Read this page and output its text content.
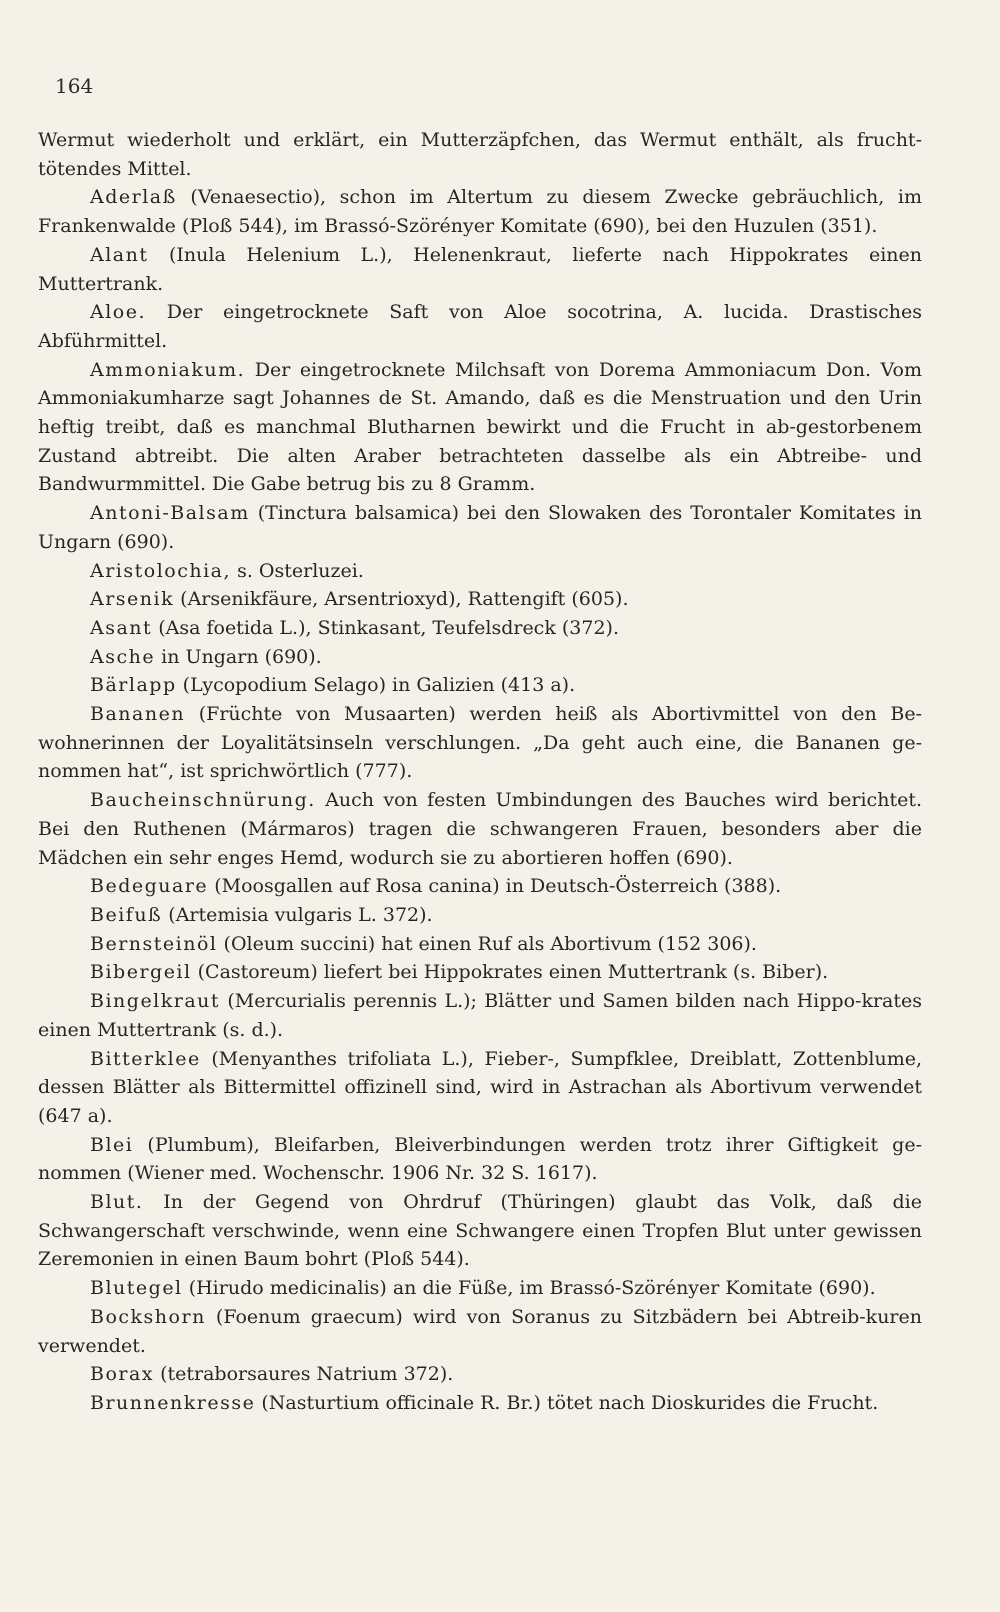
164

Wermut wiederholt und erklärt, ein Mutterzäpfchen, das Wermut enthält, als frucht-tötendes Mittel.

Aderlaß (Venaesectio), schon im Altertum zu diesem Zwecke gebräuchlich, im Frankenwalde (Ploß 544), im Brassó-Szörényer Komitate (690), bei den Huzulen (351).

Alant (Inula Helenium L.), Helenenkraut, lieferte nach Hippokrates einen Muttertrank.

Aloe. Der eingetrocknete Saft von Aloe socotrina, A. lucida. Drastisches Abführmittel.

Ammoniakum. Der eingetrocknete Milchsaft von Dorema Ammoniacum Don. Vom Ammoniakumharze sagt Johannes de St. Amando, daß es die Menstruation und den Urin heftig treibt, daß es manchmal Blutharnen bewirkt und die Frucht in ab-gestorbenem Zustand abtreibt. Die alten Araber betrachteten dasselbe als ein Abtreibe- und Bandwurmmittel. Die Gabe betrug bis zu 8 Gramm.

Antoni-Balsam (Tinctura balsamica) bei den Slowaken des Torontaler Komitates in Ungarn (690).

Aristolochia, s. Osterluzei.

Arsenik (Arsenikfäure, Arsentrioxyd), Rattengift (605).

Asant (Asa foetida L.), Stinkasant, Teufelsdreck (372).

Asche in Ungarn (690).

Bärlapp (Lycopodium Selago) in Galizien (413 a).

Bananen (Früchte von Musaarten) werden heiß als Abortivmittel von den Be-wohnerinnen der Loyalitätsinseln verschlungen. „Da geht auch eine, die Bananen ge-nommen hat“, ist sprichwörtlich (777).

Baucheinschnürung. Auch von festen Umbindungen des Bauches wird berichtet. Bei den Ruthenen (Mármaros) tragen die schwangeren Frauen, besonders aber die Mädchen ein sehr enges Hemd, wodurch sie zu abortieren hoffen (690).

Bedeguare (Moosgallen auf Rosa canina) in Deutsch-Österreich (388).

Beifuß (Artemisia vulgaris L. 372).

Bernsteinöl (Oleum succini) hat einen Ruf als Abortivum (152 306).

Bibergeil (Castoreum) liefert bei Hippokrates einen Muttertrank (s. Biber).

Bingelkraut (Mercurialis perennis L.); Blätter und Samen bilden nach Hippo-krates einen Muttertrank (s. d.).

Bitterklee (Menyanthes trifoliata L.), Fieber-, Sumpfklee, Dreiblatt, Zottenblume, dessen Blätter als Bittermittel offizinell sind, wird in Astrachan als Abortivum verwendet (647 a).

Blei (Plumbum), Bleifarben, Bleiverbindungen werden trotz ihrer Giftigkeit ge-nommen (Wiener med. Wochenschr. 1906 Nr. 32 S. 1617).

Blut. In der Gegend von Ohrdruf (Thüringen) glaubt das Volk, daß die Schwangerschaft verschwinde, wenn eine Schwangere einen Tropfen Blut unter gewissen Zeremonien in einen Baum bohrt (Ploß 544).

Blutegel (Hirudo medicinalis) an die Füße, im Brassó-Szörényer Komitate (690).

Bockshorn (Foenum graecum) wird von Soranus zu Sitzbädern bei Abtreib-kuren verwendet.

Borax (tetraborsaures Natrium 372).

Brunnenkresse (Nasturtium officinale R. Br.) tötet nach Dioskurides die Frucht.
